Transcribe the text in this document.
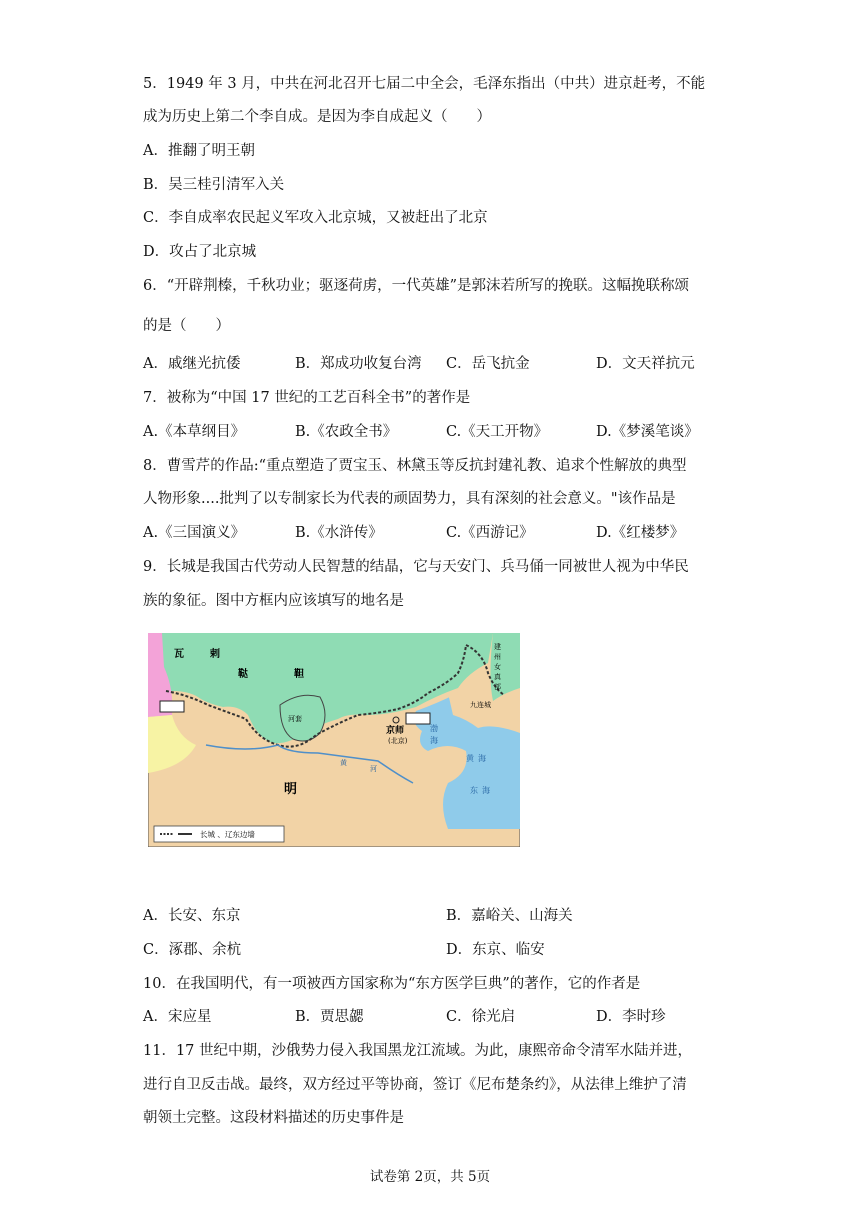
5．1949 年 3 月，中共在河北召开七届二中全会，毛泽东指出（中共）进京赶考，不能
成为历史上第二个李自成。是因为李自成起义（　　）
A．推翻了明王朝
B．吴三桂引清军入关
C．李自成率农民起义军攻入北京城，又被赶出了北京
D．攻占了北京城
6．“开辟荆榛，千秋功业；驱逐荷虏，一代英雄”是郭沫若所写的挽联。这幅挽联称颂
的是（　　）
A．戚继光抗倭	B．郑成功收复台湾 C．岳飞抗金	D．文天祥抗元
7．被称为“中国 17 世纪的工艺百科全书”的著作是
A.《本草纲目》	B.《农政全书》	C.《天工开物》	D.《梦溪笔谈》
8．曹雪芹的作品:“重点塑造了贾宝玉、林黛玉等反抗封建礼教、追求个性解放的典型
人物形象....批判了以专制家长为代表的顽固势力，具有深刻的社会意义。"该作品是
A.《三国演义》	B.《水浒传》	C.《西游记》	D.《红楼梦》
9．长城是我国古代劳动人民智慧的结晶，它与天安门、兵马俑一同被世人视为中华民
族的象征。图中方框内应该填写的地名是
瓦	剌
鞑	靼
建
州
女
真
部
九连城
河套
京师
(北京)
渤
海
黄 海
东 海
明
黄
河
长城 、辽东边墙
A．长安、东京	B．嘉峪关、山海关
C．涿郡、余杭	D．东京、临安
10．在我国明代，有一项被西方国家称为“东方医学巨典”的著作，它的作者是
A．宋应星	B．贾思勰	C．徐光启	D．李时珍
11．17 世纪中期，沙俄势力侵入我国黑龙江流域。为此，康熙帝命令清军水陆并进，
进行自卫反击战。最终，双方经过平等协商，签订《尼布楚条约》，从法律上维护了清
朝领土完整。这段材料描述的历史事件是
试卷第 2页，共 5页
